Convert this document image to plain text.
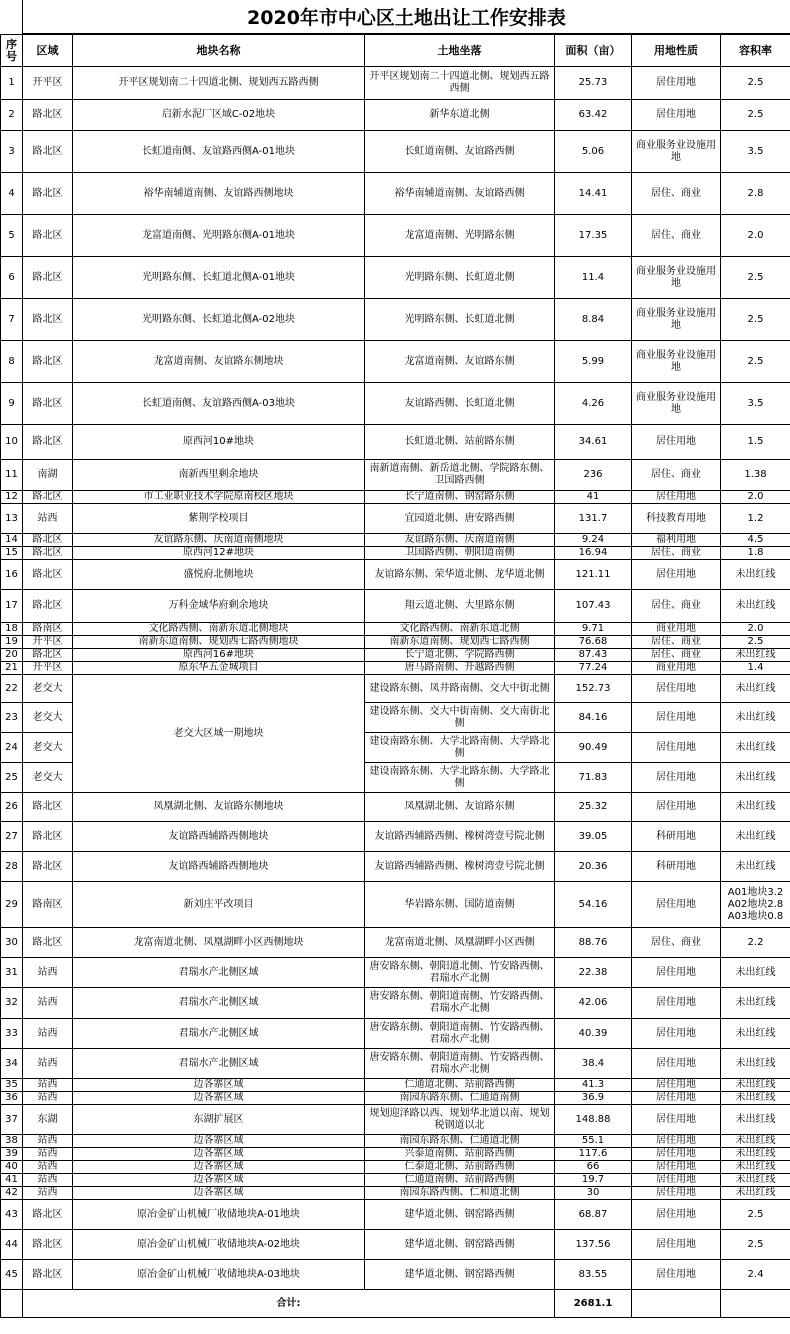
2020年市中心区土地出让工作安排表
序号	区域	地块名称	土地坐落	面积（亩）	用地性质	容积率
1	开平区	开平区规划南二十四道北侧、规划西五路西侧	开平区规划南二十四道北侧、规划西五路西侧	25.73	居住用地	2.5
2	路北区	启新水泥厂区域C-02地块	新华东道北侧	63.42	居住用地	2.5
3	路北区	长虹道南侧、友谊路西侧A-01地块	长虹道南侧、友谊路西侧	5.06	商业服务业设施用地	3.5
4	路北区	裕华南辅道南侧、友谊路西侧地块	裕华南辅道南侧、友谊路西侧	14.41	居住、商业	2.8
5	路北区	龙富道南侧、光明路东侧A-01地块	龙富道南侧、光明路东侧	17.35	居住、商业	2.0
6	路北区	光明路东侧、长虹道北侧A-01地块	光明路东侧、长虹道北侧	11.4	商业服务业设施用地	2.5
7	路北区	光明路东侧、长虹道北侧A-02地块	光明路东侧、长虹道北侧	8.84	商业服务业设施用地	2.5
8	路北区	龙富道南侧、友谊路东侧地块	龙富道南侧、友谊路东侧	5.99	商业服务业设施用地	2.5
9	路北区	长虹道南侧、友谊路西侧A-03地块	友谊路西侧、长虹道北侧	4.26	商业服务业设施用地	3.5
10	路北区	原西河10#地块	长虹道北侧、站前路东侧	34.61	居住用地	1.5
11	南湖	南新西里剩余地块	南新道南侧、新岳道北侧、学院路东侧、卫国路西侧	236	居住、商业	1.38
12	路北区	市工业职业技术学院原南校区地块	长宁道南侧、钢窑路东侧	41	居住用地	2.0
13	站西	紫荆学校项目	宜园道北侧、唐安路西侧	131.7	科技教育用地	1.2
14	路北区	友谊路东侧、庆南道南侧地块	友谊路东侧、庆南道南侧	9.24	福利用地	4.5
15	路北区	原西河12#地块	卫国路西侧、朝阳道南侧	16.94	居住、商业	1.8
16	路北区	盛悦府北侧地块	友谊路东侧、荣华道北侧、龙华道北侧	121.11	居住用地	未出红线
17	路北区	万科金域华府剩余地块	翔云道北侧、大里路东侧	107.43	居住、商业	未出红线
18	路南区	文化路西侧、南新东道北侧地块	文化路西侧、南新东道北侧	9.71	商业用地	2.0
19	开平区	南新东道南侧、规划西七路西侧地块	南新东道南侧、规划西七路西侧	76.68	居住、商业	2.5
20	路北区	原西河16#地块	长宁道北侧、学院路西侧	87.43	居住、商业	未出红线
21	开平区	原东华五金城项目	唐马路南侧、开越路西侧	77.24	商业用地	1.4
22	老交大	老交大区域一期地块	建设路东侧、凤井路南侧、交大中街北侧	152.73	居住用地	未出红线
23	老交大		建设路东侧、交大中街南侧、交大南街北侧	84.16	居住用地	未出红线
24	老交大		建设南路东侧、大学北路南侧、大学路北侧	90.49	居住用地	未出红线
25	老交大		建设南路东侧、大学北路东侧、大学路北侧	71.83	居住用地	未出红线
26	路北区	凤凰湖北侧、友谊路东侧地块	凤凰湖北侧、友谊路东侧	25.32	居住用地	未出红线
27	路北区	友谊路西辅路西侧地块	友谊路西辅路西侧、橡树湾壹号院北侧	39.05	科研用地	未出红线
28	路北区	友谊路西辅路西侧地块	友谊路西辅路西侧、橡树湾壹号院北侧	20.36	科研用地	未出红线
29	路南区	新刘庄平改项目	华岩路东侧、国防道南侧	54.16	居住用地	A01地块3.2 A02地块2.8 A03地块0.8
30	路北区	龙富南道北侧、凤凰湖畔小区西侧地块	龙富南道北侧、凤凰湖畔小区西侧	88.76	居住、商业	2.2
31	站西	君瑞水产北侧区域	唐安路东侧、朝阳道北侧、竹安路西侧、君瑞水产北侧	22.38	居住用地	未出红线
32	站西	君瑞水产北侧区域	唐安路东侧、朝阳道南侧、竹安路西侧、君瑞水产北侧	42.06	居住用地	未出红线
33	站西	君瑞水产北侧区域	唐安路东侧、朝阳道南侧、竹安路西侧、君瑞水产北侧	40.39	居住用地	未出红线
34	站西	君瑞水产北侧区域	唐安路东侧、朝阳道南侧、竹安路西侧、君瑞水产北侧	38.4	居住用地	未出红线
35	站西	边各寨区域	仁通道北侧、站前路西侧	41.3	居住用地	未出红线
36	站西	边各寨区域	南园东路东侧、仁通道南侧	36.9	居住用地	未出红线
37	东湖	东湖扩展区	规划迎泽路以西、规划华北道以南、规划税钢道以北	148.88	居住用地	未出红线
38	站西	边各寨区域	南园东路东侧、仁通道北侧	55.1	居住用地	未出红线
39	站西	边各寨区域	兴泰道南侧、站前路西侧	117.6	居住用地	未出红线
40	站西	边各寨区域	仁泰道北侧、站前路西侧	66	居住用地	未出红线
41	站西	边各寨区域	仁通道南侧、站前路西侧	19.7	居住用地	未出红线
42	站西	边各寨区域	南园东路西侧、仁和道北侧	30	居住用地	未出红线
43	路北区	原冶金矿山机械厂收储地块A-01地块	建华道北侧、钢窑路西侧	68.87	居住用地	2.5
44	路北区	原冶金矿山机械厂收储地块A-02地块	建华道北侧、钢窑路西侧	137.56	居住用地	2.5
45	路北区	原冶金矿山机械厂收储地块A-03地块	建华道北侧、钢窑路西侧	83.55	居住用地	2.4
	合计:			2681.1		
